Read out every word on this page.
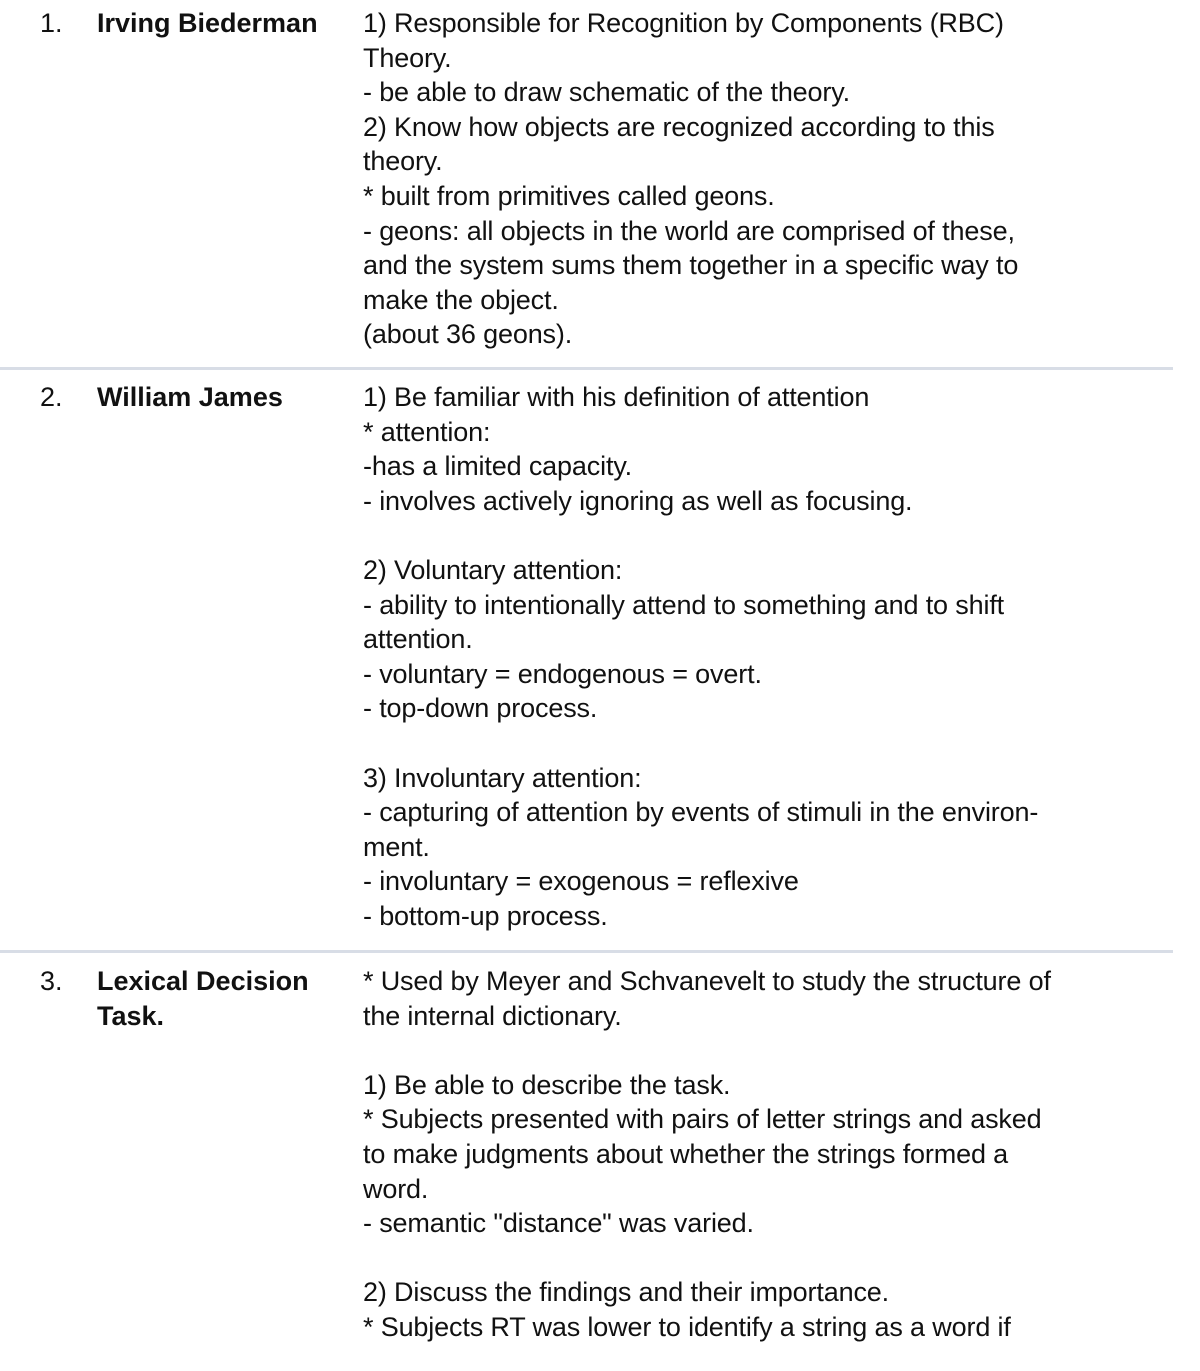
1. Irving Biederman	1) Responsible for Recognition by Components (RBC)
Theory.
- be able to draw schematic of the theory.
2) Know how objects are recognized according to this
theory.
* built from primitives called geons.
- geons: all objects in the world are comprised of these,
and the system sums them together in a specific way to
make the object.
(about 36 geons).
2. William James	1) Be familiar with his definition of attention
* attention:
-has a limited capacity.
- involves actively ignoring as well as focusing.
2) Voluntary attention:
- ability to intentionally attend to something and to shift
attention.
- voluntary = endogenous = overt.
- top-down process.
3) Involuntary attention:
- capturing of attention by events of stimuli in the environ-
ment.
- involuntary = exogenous = reflexive
- bottom-up process.
3. Lexical Decision
Task.
* Used by Meyer and Schvanevelt to study the structure of
the internal dictionary.
1) Be able to describe the task.
* Subjects presented with pairs of letter strings and asked
to make judgments about whether the strings formed a
word.
- semantic "distance" was varied.
2) Discuss the findings and their importance.
* Subjects RT was lower to identify a string as a word if
